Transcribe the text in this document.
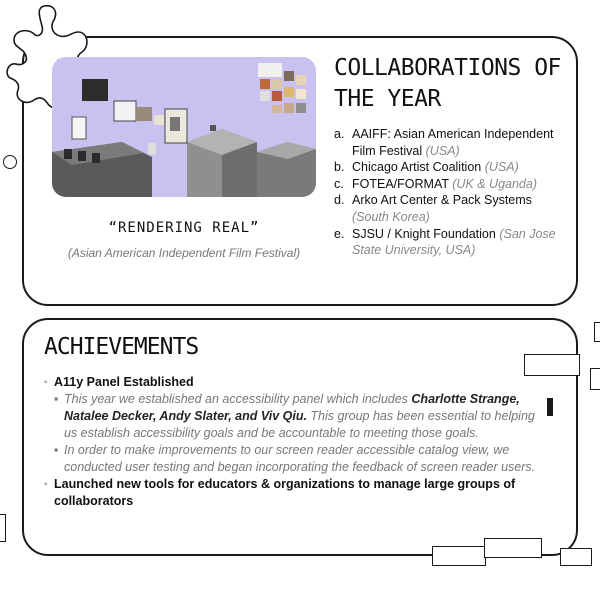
“RENDERING REAL”
(Asian American Independent Film Festival)
COLLABORATIONS OF THE YEAR
a. AAIFF: Asian American Independent Film Festival (USA)
b. Chicago Artist Coalition (USA)
c. FOTEA/FORMAT (UK & Uganda)
d. Arko Art Center & Pack Systems (South Korea)
e. SJSU / Knight Foundation (San Jose State University, USA)
ACHIEVEMENTS
◦ A11y Panel Established
▪ This year we established an accessibility panel which includes Charlotte Strange, Natalee Decker, Andy Slater, and Viv Qiu. This group has been essential to helping us establish accessibility goals and be accountable to meeting those goals.
▪ In order to make improvements to our screen reader accessible catalog view, we conducted user testing and began incorporating the feedback of screen reader users.
◦ Launched new tools for educators & organizations to manage large groups of collaborators
